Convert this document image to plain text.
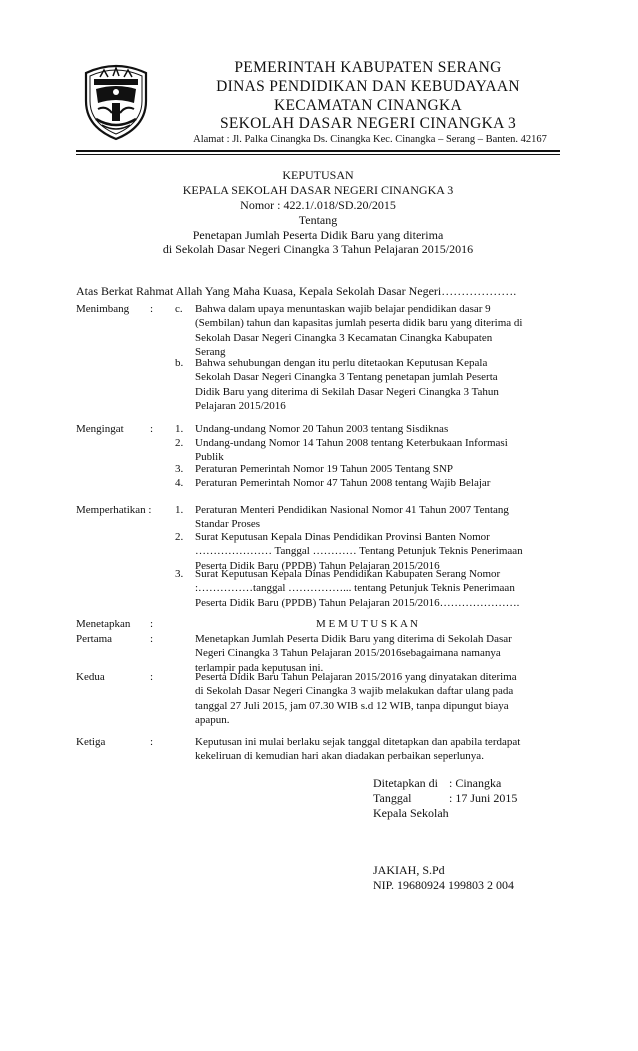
PEMERINTAH KABUPATEN SERANG
DINAS PENDIDIKAN DAN KEBUDAYAAN
KECAMATAN CINANGKA
SEKOLAH DASAR NEGERI CINANGKA 3
Alamat : Jl. Palka Cinangka Ds. Cinangka Kec. Cinangka – Serang – Banten. 42167
KEPUTUSAN
KEPALA SEKOLAH DASAR NEGERI CINANGKA 3
Nomor : 422.1/.018/SD.20/2015
Tentang
Penetapan Jumlah Peserta Didik Baru yang diterima
di Sekolah Dasar Negeri Cinangka 3 Tahun Pelajaran 2015/2016
Atas Berkat Rahmat Allah Yang Maha Kuasa, Kepala Sekolah Dasar Negeri……………….
Menimbang : c. Bahwa dalam upaya menuntaskan wajib belajar pendidikan dasar 9
(Sembilan) tahun dan kapasitas jumlah peserta didik baru yang diterima di
Sekolah Dasar Negeri Cinangka 3 Kecamatan Cinangka Kabupaten
Serang
b. Bahwa sehubungan dengan itu perlu ditetaokan Keputusan Kepala
Sekolah Dasar Negeri Cinangka 3 Tentang penetapan jumlah Peserta
Didik Baru yang diterima di Sekilah Dasar Negeri Cinangka 3 Tahun
Pelajaran 2015/2016
Mengingat : 1. Undang-undang Nomor 20 Tahun 2003 tentang Sisdiknas
2. Undang-undang Nomor 14 Tahun 2008 tentang Keterbukaan Informasi
Publik
3. Peraturan Pemerintah Nomor 19 Tahun 2005 Tentang SNP
4. Peraturan Pemerintah Nomor 47 Tahun 2008 tentang Wajib Belajar
Memperhatikan : 1. Peraturan Menteri Pendidikan Nasional Nomor 41 Tahun 2007 Tentang
Standar Proses
2. Surat Keputusan Kepala Dinas Pendidikan Provinsi Banten Nomor
………………… Tanggal ………… Tentang Petunjuk Teknis Penerimaan
Peserta Didik Baru (PPDB) Tahun Pelajaran 2015/2016
3. Surat Keputusan Kepala Dinas Pendidikan Kabupaten Serang Nomor
:……………tanggal ……………... tentang Petunjuk Teknis Penerimaan
Peserta Didik Baru (PPDB) Tahun Pelajaran 2015/2016………………….
Menetapkan :	M E M U T U S K A N
Pertama	:	Menetapkan Jumlah Peserta Didik Baru yang diterima di Sekolah Dasar
Negeri Cinangka 3 Tahun Pelajaran 2015/2016sebagaimana namanya
terlampir pada keputusan ini.
Kedua	:	Peserta Didik Baru Tahun Pelajaran 2015/2016 yang dinyatakan diterima
di Sekolah Dasar Negeri Cinangka 3 wajib melakukan daftar ulang pada
tanggal 27 Juli 2015, jam 07.30 WIB s.d 12 WIB, tanpa dipungut biaya
apapun.
Ketiga	:	Keputusan ini mulai berlaku sejak tanggal ditetapkan dan apabila terdapat
kekeliruan di kemudian hari akan diadakan perbaikan seperlunya.
Ditetapkan di : Cinangka
Tanggal	: 17 Juni 2015
Kepala Sekolah
JAKIAH, S.Pd
NIP. 19680924 199803 2 004
